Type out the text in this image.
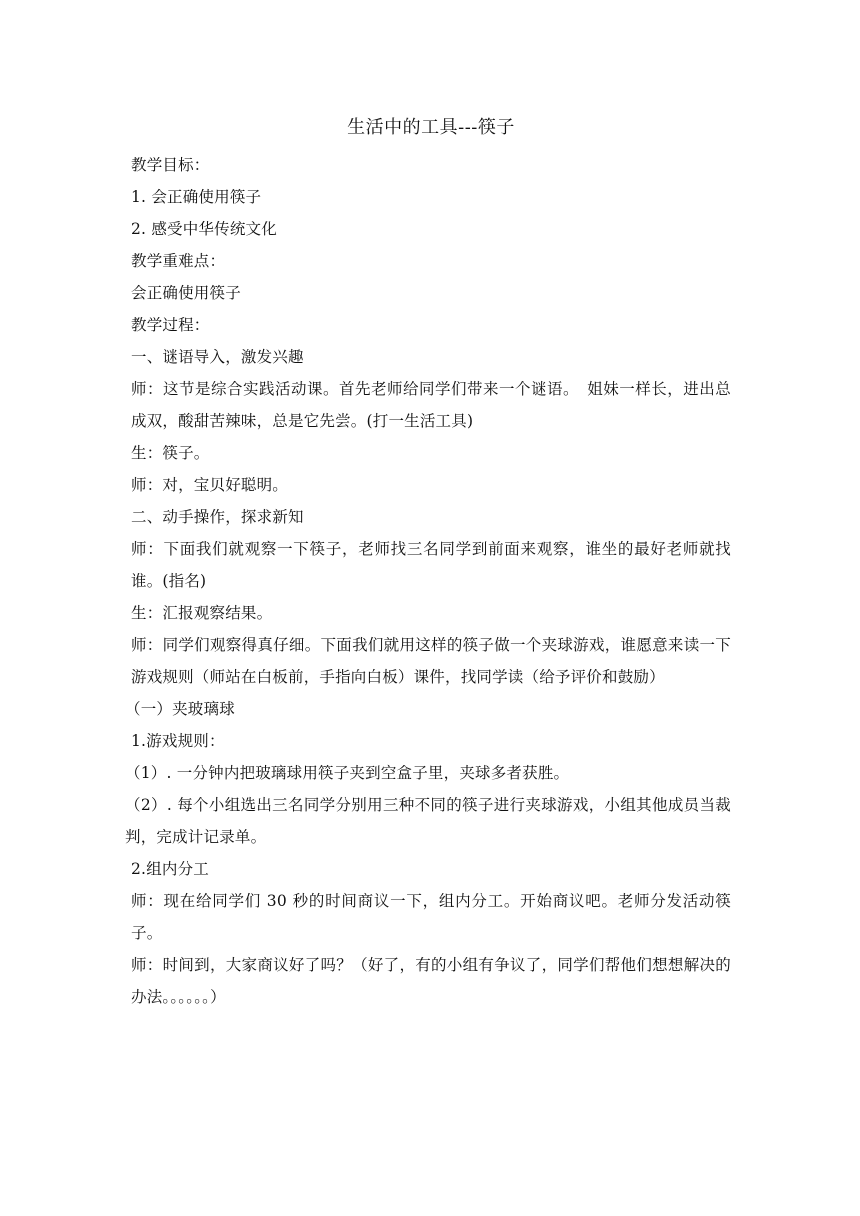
生活中的工具---筷子

教学目标：

1. 会正确使用筷子

2. 感受中华传统文化

教学重难点：

会正确使用筷子

教学过程：

一、谜语导入，激发兴趣

师：这节是综合实践活动课。首先老师给同学们带来一个谜语。　姐妹一样长，进出总成双，酸甜苦辣味，总是它先尝。(打一生活工具)

生：筷子。

师：对，宝贝好聪明。

二、动手操作，探求新知

师：下面我们就观察一下筷子，老师找三名同学到前面来观察，谁坐的最好老师就找谁。(指名)

生：汇报观察结果。

师：同学们观察得真仔细。下面我们就用这样的筷子做一个夹球游戏，谁愿意来读一下游戏规则（师站在白板前，手指向白板）课件，找同学读（给予评价和鼓励）

（一）夹玻璃球

1.游戏规则：

（1）. 一分钟内把玻璃球用筷子夹到空盒子里，夹球多者获胜。

（2）. 每个小组选出三名同学分别用三种不同的筷子进行夹球游戏，小组其他成员当裁判，完成计记录单。

2.组内分工

师：现在给同学们 30 秒的时间商议一下，组内分工。开始商议吧。老师分发活动筷子。

师：时间到，大家商议好了吗？（好了，有的小组有争议了，同学们帮他们想想解决的办法。。。。。。）
